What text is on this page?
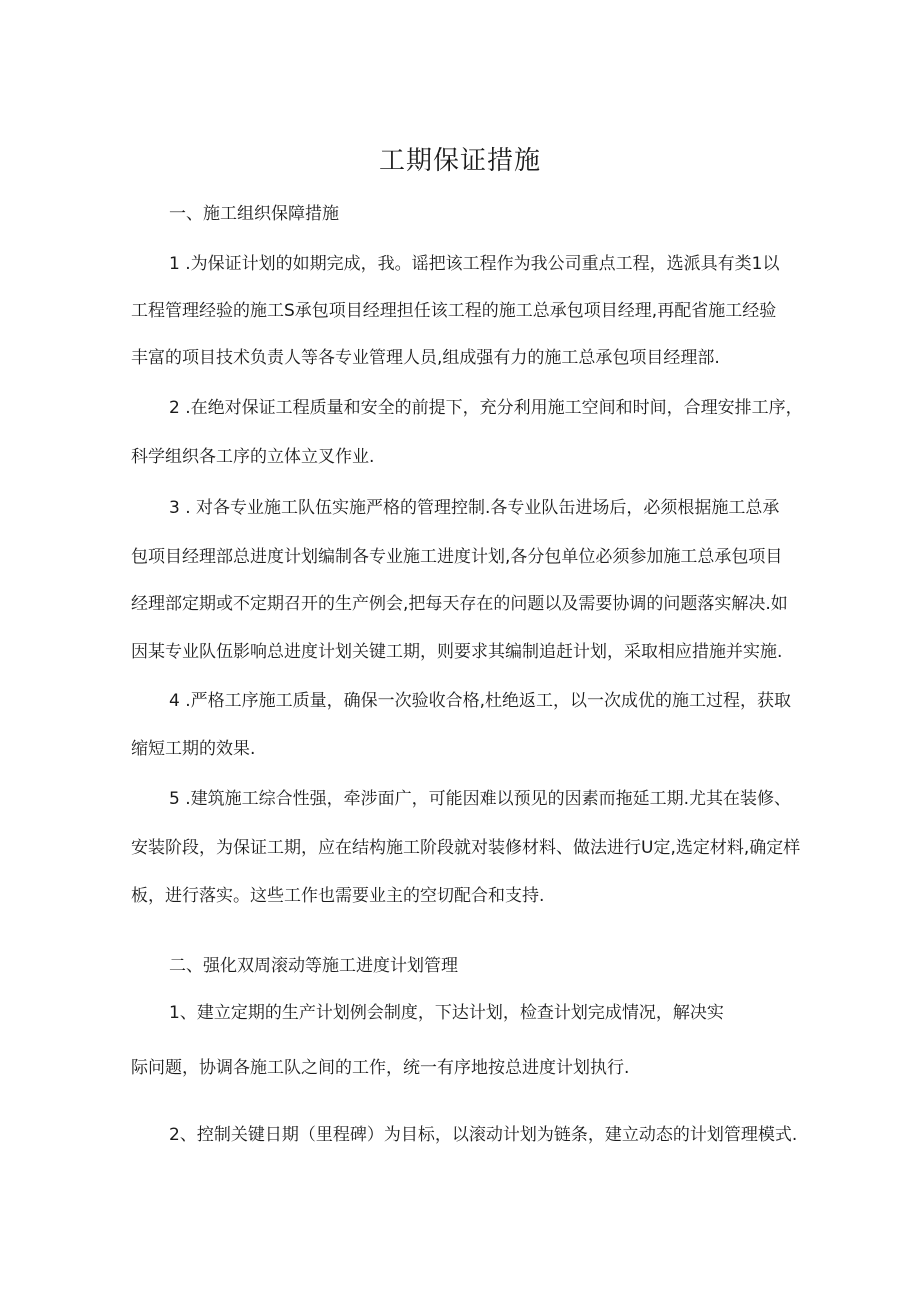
工期保证措施
一、施工组织保障措施
1 .为保证计划的如期完成，我。谣把该工程作为我公司重点工程，选派具有类1以
工程管理经验的施工S承包项目经理担任该工程的施工总承包项目经理,再配省施工经验
丰富的项目技术负责人等各专业管理人员,组成强有力的施工总承包项目经理部.
2 .在绝对保证工程质量和安全的前提下，充分利用施工空间和时间，合理安排工序，
科学组织各工序的立体立叉作业.
3 . 对各专业施工队伍实施严格的管理控制.各专业队缶进场后，必须根据施工总承
包项目经理部总进度计划编制各专业施工进度计划,各分包单位必须参加施工总承包项目
经理部定期或不定期召开的生产例会,把每天存在的问题以及需要协调的问题落实解决.如
因某专业队伍影响总进度计划关键工期，则要求其编制追赶计划，采取相应措施并实施.
4 .严格工序施工质量，确保一次验收合格,杜绝返工，以一次成优的施工过程，获取
缩短工期的效果.
5 .建筑施工综合性强，牵涉面广，可能因难以预见的因素而拖延工期.尤其在装修、
安装阶段，为保证工期，应在结构施工阶段就对装修材料、做法进行U定,选定材料,确定样
板，进行落实。这些工作也需要业主的空切配合和支持.
二、强化双周滚动等施工进度计划管理
1、建立定期的生产计划例会制度，下达计划，检查计划完成情况，解决实
际问题，协调各施工队之间的工作，统一有序地按总进度计划执行.
2、控制关键日期（里程碑）为目标，以滚动计划为链条，建立动态的计划管理模式.
